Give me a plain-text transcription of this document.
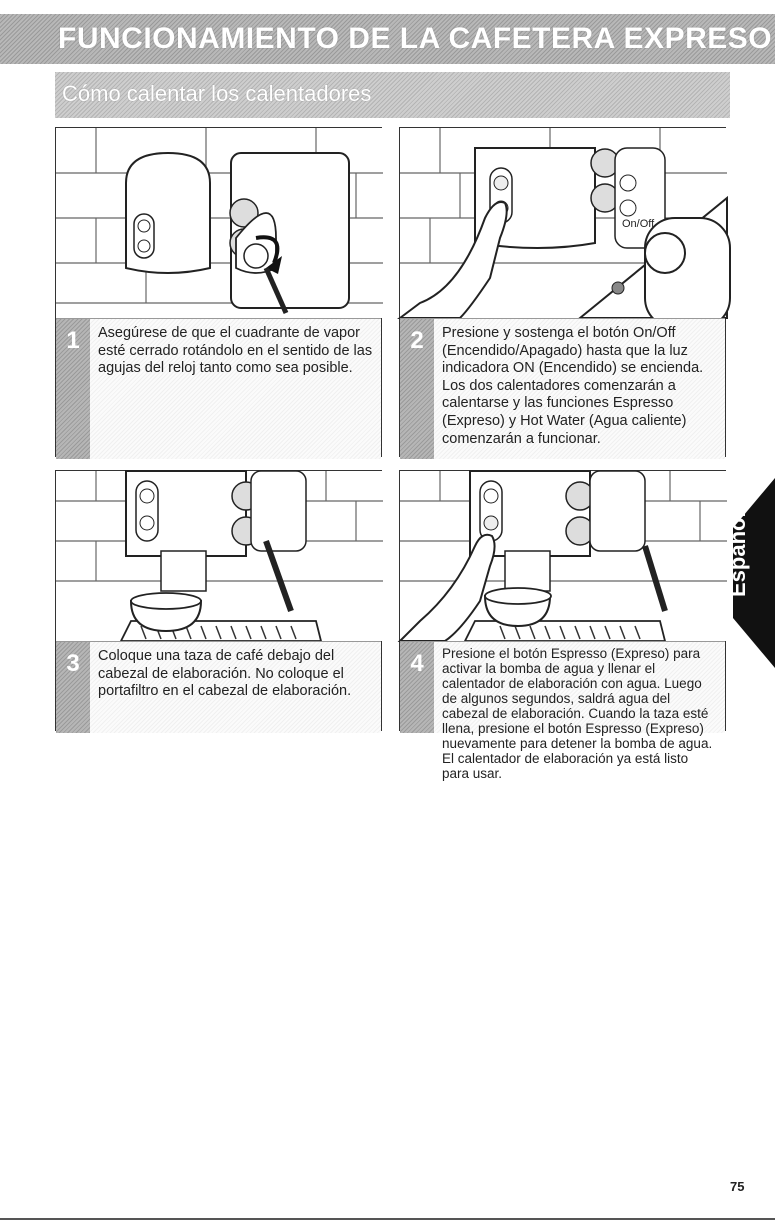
FUNCIONAMIENTO DE LA CAFETERA EXPRESO
Cómo calentar los calentadores
1	Asegúrese de que el cuadrante de vapor esté cerrado rotándolo en el sentido de las agujas del reloj tanto como sea posible.
On/Off
2	Presione y sostenga el botón On/Off (Encendido/Apagado) hasta que la luz indicadora ON (Encendido) se encienda. Los dos calentadores comenzarán a calentarse y las funciones Espresso (Expreso) y Hot Water (Agua caliente) comenzarán a funcionar.
3	Coloque una taza de café debajo del cabezal de elaboración. No coloque el portafiltro en el cabezal de elaboración.
4	Presione el botón Espresso (Expreso) para activar la bomba de agua y llenar el calentador de elaboración con agua. Luego de algunos segundos, saldrá agua del cabezal de elaboración. Cuando la taza esté llena, presione el botón Espresso (Expreso) nuevamente para detener la bomba de agua. El calentador de elaboración ya está listo para usar.
Español
75
